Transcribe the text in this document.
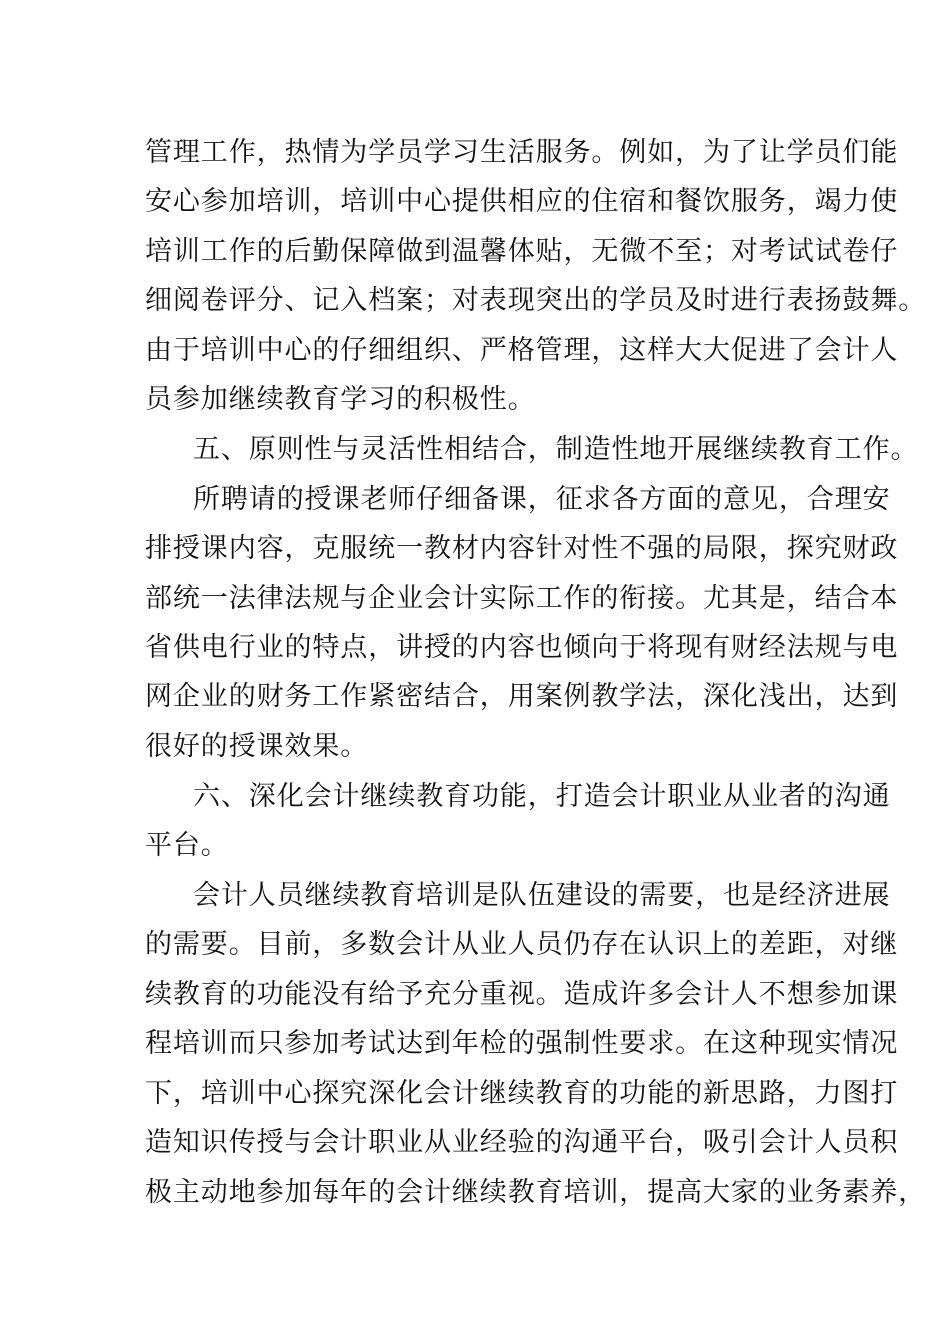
管理工作，热情为学员学习生活服务。例如，为了让学员们能
安心参加培训，培训中心提供相应的住宿和餐饮服务，竭力使
培训工作的后勤保障做到温馨体贴，无微不至；对考试试卷仔
细阅卷评分、记入档案；对表现突出的学员及时进行表扬鼓舞。
由于培训中心的仔细组织、严格管理，这样大大促进了会计人
员参加继续教育学习的积极性。
五、原则性与灵活性相结合，制造性地开展继续教育工作。
所聘请的授课老师仔细备课，征求各方面的意见，合理安
排授课内容，克服统一教材内容针对性不强的局限，探究财政
部统一法律法规与企业会计实际工作的衔接。尤其是，结合本
省供电行业的特点，讲授的内容也倾向于将现有财经法规与电
网企业的财务工作紧密结合，用案例教学法，深化浅出，达到
很好的授课效果。
六、深化会计继续教育功能，打造会计职业从业者的沟通
平台。
会计人员继续教育培训是队伍建设的需要，也是经济进展
的需要。目前，多数会计从业人员仍存在认识上的差距，对继
续教育的功能没有给予充分重视。造成许多会计人不想参加课
程培训而只参加考试达到年检的强制性要求。在这种现实情况
下，培训中心探究深化会计继续教育的功能的新思路，力图打
造知识传授与会计职业从业经验的沟通平台，吸引会计人员积
极主动地参加每年的会计继续教育培训，提高大家的业务素养，
